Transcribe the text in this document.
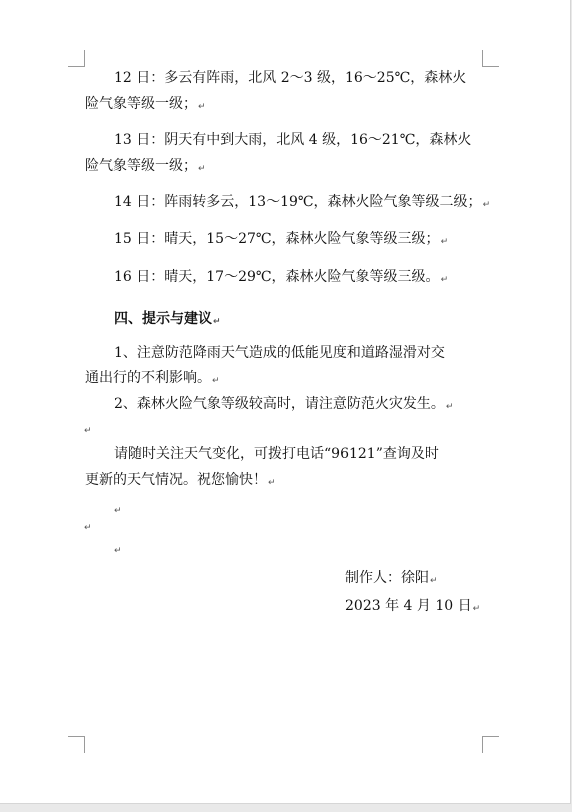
12 日：多云有阵雨，北风 2～3 级，16～25℃，森林火

险气象等级一级；↵

13 日：阴天有中到大雨，北风 4 级，16～21℃，森林火

险气象等级一级；↵

14 日：阵雨转多云，13～19℃，森林火险气象等级二级；↵

15 日：晴天，15～27℃，森林火险气象等级三级；↵

16 日：晴天，17～29℃，森林火险气象等级三级。↵

四、提示与建议↵

1、注意防范降雨天气造成的低能见度和道路湿滑对交

通出行的不利影响。↵

2、森林火险气象等级较高时，请注意防范火灾发生。↵

↵

请随时关注天气变化，可拨打电话“96121”查询及时

更新的天气情况。祝您愉快！↵

↵
↵
↵

制作人：徐阳↵

2023 年 4 月 10 日↵
